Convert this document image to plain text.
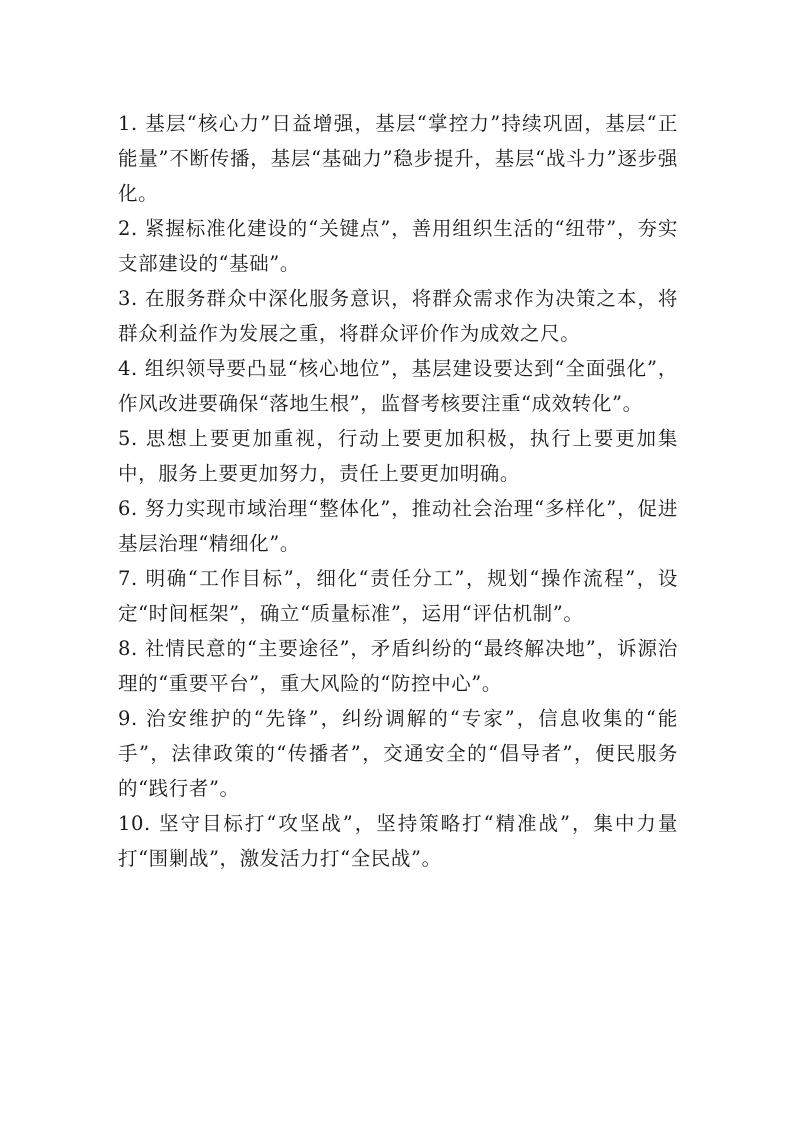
1. 基层“核心力”日益增强，基层“掌控力”持续巩固，基层“正能量”不断传播，基层“基础力”稳步提升，基层“战斗力”逐步强化。

2. 紧握标准化建设的“关键点”，善用组织生活的“纽带”，夯实支部建设的“基础”。

3. 在服务群众中深化服务意识，将群众需求作为决策之本，将群众利益作为发展之重，将群众评价作为成效之尺。

4. 组织领导要凸显“核心地位”，基层建设要达到“全面强化”，作风改进要确保“落地生根”，监督考核要注重“成效转化”。

5. 思想上要更加重视，行动上要更加积极，执行上要更加集中，服务上要更加努力，责任上要更加明确。

6. 努力实现市域治理“整体化”，推动社会治理“多样化”，促进基层治理“精细化”。

7. 明确“工作目标”，细化“责任分工”，规划“操作流程”，设定“时间框架”，确立“质量标准”，运用“评估机制”。

8. 社情民意的“主要途径”，矛盾纠纷的“最终解决地”，诉源治理的“重要平台”，重大风险的“防控中心”。

9. 治安维护的“先锋”，纠纷调解的“专家”，信息收集的“能手”，法律政策的“传播者”，交通安全的“倡导者”，便民服务的“践行者”。

10. 坚守目标打“攻坚战”，坚持策略打“精准战”，集中力量打“围剿战”，激发活力打“全民战”。
